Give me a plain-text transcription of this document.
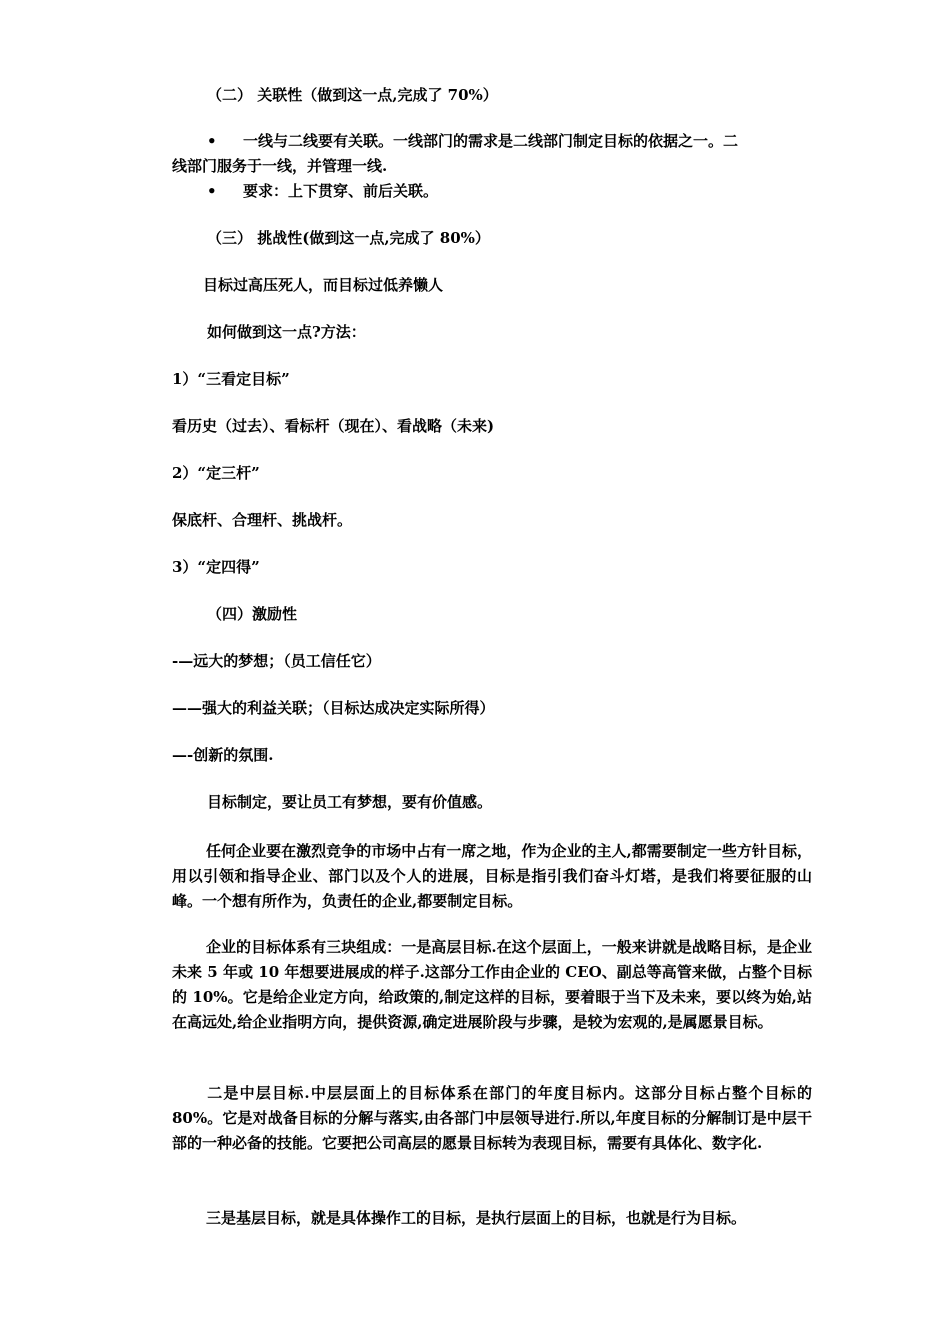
（二） 关联性（做到这一点,完成了 70%）
• 一线与二线要有关联。一线部门的需求是二线部门制定目标的依据之一。二
线部门服务于一线，并管理一线.
• 要求：上下贯穿、前后关联。
（三） 挑战性(做到这一点,完成了 80%）
目标过高压死人，而目标过低养懒人
如何做到这一点?方法：
1）“三看定目标”
看历史（过去）、看标杆（现在）、看战略（未来)
2）“定三杆”
保底杆、合理杆、挑战杆。
3）“定四得”
（四）激励性
-—远大的梦想；（员工信任它）
——强大的利益关联；（目标达成决定实际所得）
—-创新的氛围.
目标制定，要让员工有梦想，要有价值感。
任何企业要在激烈竞争的市场中占有一席之地，作为企业的主人,都需要制定一些方针目标，用以引领和指导企业、部门以及个人的进展，目标是指引我们奋斗灯塔，是我们将要征服的山峰。一个想有所作为，负责任的企业,都要制定目标。
企业的目标体系有三块组成：一是高层目标.在这个层面上，一般来讲就是战略目标，是企业未来 5 年或 10 年想要进展成的样子.这部分工作由企业的 CEO、副总等高管来做，占整个目标的 10%。它是给企业定方向，给政策的,制定这样的目标，要着眼于当下及未来，要以终为始,站在高远处,给企业指明方向，提供资源,确定进展阶段与步骤，是较为宏观的,是属愿景目标。
二是中层目标.中层层面上的目标体系在部门的年度目标内。这部分目标占整个目标的 80%。它是对战备目标的分解与落实,由各部门中层领导进行.所以,年度目标的分解制订是中层干部的一种必备的技能。它要把公司高层的愿景目标转为表现目标，需要有具体化、数字化.
三是基层目标，就是具体操作工的目标，是执行层面上的目标，也就是行为目标。
